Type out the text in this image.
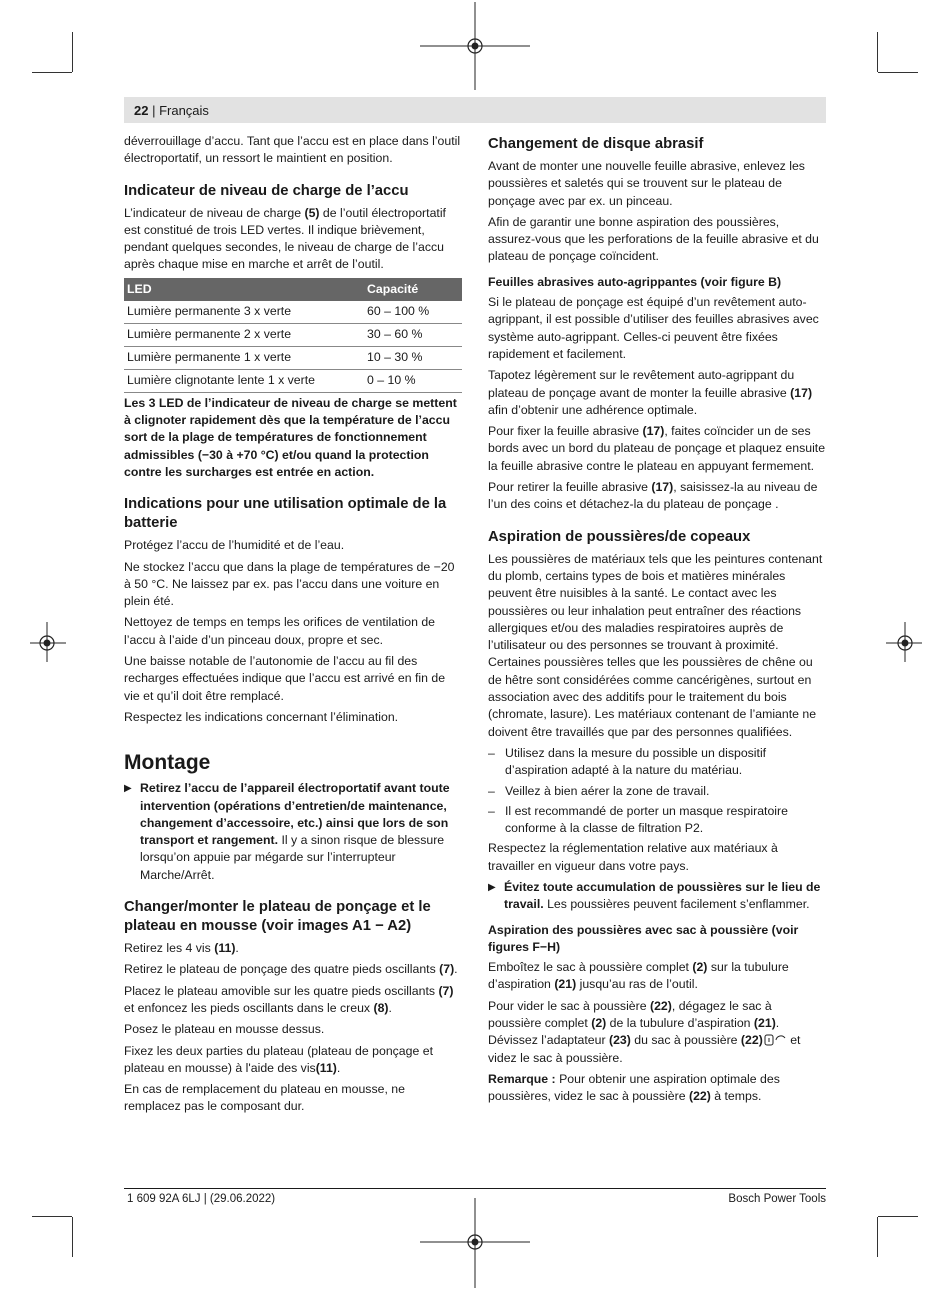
22 | Français

déverrouillage d’accu. Tant que l’accu est en place dans l’outil électroportatif, un ressort le maintient en position.

Indicateur de niveau de charge de l’accu

L’indicateur de niveau de charge (5) de l’outil électroportatif est constitué de trois LED vertes. Il indique brièvement, pendant quelques secondes, le niveau de charge de l’accu après chaque mise en marche et arrêt de l’outil.

LED	Capacité
Lumière permanente 3 x verte	60 – 100 %
Lumière permanente 2 x verte	30 – 60 %
Lumière permanente 1 x verte	10 – 30 %
Lumière clignotante lente 1 x verte	0 – 10 %

Les 3 LED de l’indicateur de niveau de charge se mettent à clignoter rapidement dès que la température de l’accu sort de la plage de températures de fonctionnement admissibles (−30 à +70 °C) et/ou quand la protection contre les surcharges est entrée en action.

Indications pour une utilisation optimale de la batterie

Protégez l’accu de l’humidité et de l’eau.

Ne stockez l’accu que dans la plage de températures de −20 à 50 °C. Ne laissez par ex. pas l’accu dans une voiture en plein été.

Nettoyez de temps en temps les orifices de ventilation de l’accu à l’aide d’un pinceau doux, propre et sec.

Une baisse notable de l’autonomie de l’accu au fil des recharges effectuées indique que l’accu est arrivé en fin de vie et qu’il doit être remplacé.

Respectez les indications concernant l’élimination.

Montage
▶ Retirez l’accu de l’appareil électroportatif avant toute intervention (opérations d’entretien/de maintenance, changement d’accessoire, etc.) ainsi que lors de son transport et rangement. Il y a sinon risque de blessure lorsqu’on appuie par mégarde sur l’interrupteur Marche/Arrêt.
Changer/monter le plateau de ponçage et le plateau en mousse (voir images A1 − A2)

Retirez les 4 vis (11).

Retirez le plateau de ponçage des quatre pieds oscillants (7).

Placez le plateau amovible sur les quatre pieds oscillants (7) et enfoncez les pieds oscillants dans le creux (8).

Posez le plateau en mousse dessus.

Fixez les deux parties du plateau (plateau de ponçage et plateau en mousse) à l'aide des vis(11).

En cas de remplacement du plateau en mousse, ne remplacez pas le composant dur.

Changement de disque abrasif

Avant de monter une nouvelle feuille abrasive, enlevez les poussières et saletés qui se trouvent sur le plateau de ponçage avec par ex. un pinceau.

Afin de garantir une bonne aspiration des poussières, assurez-vous que les perforations de la feuille abrasive et du plateau de ponçage coïncident.

Feuilles abrasives auto-agrippantes (voir figure B)

Si le plateau de ponçage est équipé d’un revêtement auto-agrippant, il est possible d’utiliser des feuilles abrasives avec système auto-agrippant. Celles-ci peuvent être fixées rapidement et facilement.

Tapotez légèrement sur le revêtement auto-agrippant du plateau de ponçage avant de monter la feuille abrasive (17) afin d’obtenir une adhérence optimale.

Pour fixer la feuille abrasive (17), faites coïncider un de ses bords avec un bord du plateau de ponçage et plaquez ensuite la feuille abrasive contre le plateau en appuyant fermement.

Pour retirer la feuille abrasive (17), saisissez-la au niveau de l’un des coins et détachez-la du plateau de ponçage .

Aspiration de poussières/de copeaux

Les poussières de matériaux tels que les peintures contenant du plomb, certains types de bois et matières minérales peuvent être nuisibles à la santé. Le contact avec les poussières ou leur inhalation peut entraîner des réactions allergiques et/ou des maladies respiratoires auprès de l’utilisateur ou des personnes se trouvant à proximité.

Certaines poussières telles que les poussières de chêne ou de hêtre sont considérées comme cancérigènes, surtout en association avec des additifs pour le traitement du bois (chromate, lasure). Les matériaux contenant de l’amiante ne doivent être travaillés que par des personnes qualifiées.

– Utilisez dans la mesure du possible un dispositif d’aspiration adapté à la nature du matériau.
– Veillez à bien aérer la zone de travail.
– Il est recommandé de porter un masque respiratoire conforme à la classe de filtration P2.

Respectez la réglementation relative aux matériaux à travailler en vigueur dans votre pays.

▶ Évitez toute accumulation de poussières sur le lieu de travail. Les poussières peuvent facilement s’enflammer.
Aspiration des poussières avec sac à poussière (voir figures F−H)

Emboîtez le sac à poussière complet (2) sur la tubulure d’aspiration (21) jusqu’au ras de l’outil.

Pour vider le sac à poussière (22), dégagez le sac à poussière complet (2) de la tubulure d’aspiration (21). Dévissez l’adaptateur (23) du sac à poussière (22) et videz le sac à poussière.

Remarque : Pour obtenir une aspiration optimale des poussières, videz le sac à poussière (22) à temps.

1 609 92A 6LJ | (29.06.2022)	Bosch Power Tools
